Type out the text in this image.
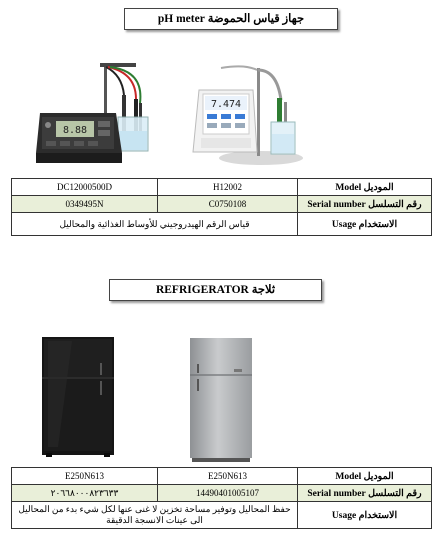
جهاز قياس الحموضة pH meter
8.88
7.474
DC12000500D	H12002	الموديل Model
0349495N	C0750108	رقم التسلسل Serial number
قياس الرقم الهيدروجيني للأوساط الغذائية والمحاليل		الاستخدام Usage
ثلاجة REFRIGERATOR
E250N613	E250N613	الموديل Model
٢٠٦٦٨٠٠٠٨٢٣٦٣٣	14490401005107	رقم التسلسل Serial number
حفظ المحاليل وتوفير مساحة تخزين لا غنى عنها لكل شيء بدء من المحاليل الى عينات الانسجة الدقيقة		الاستخدام Usage
